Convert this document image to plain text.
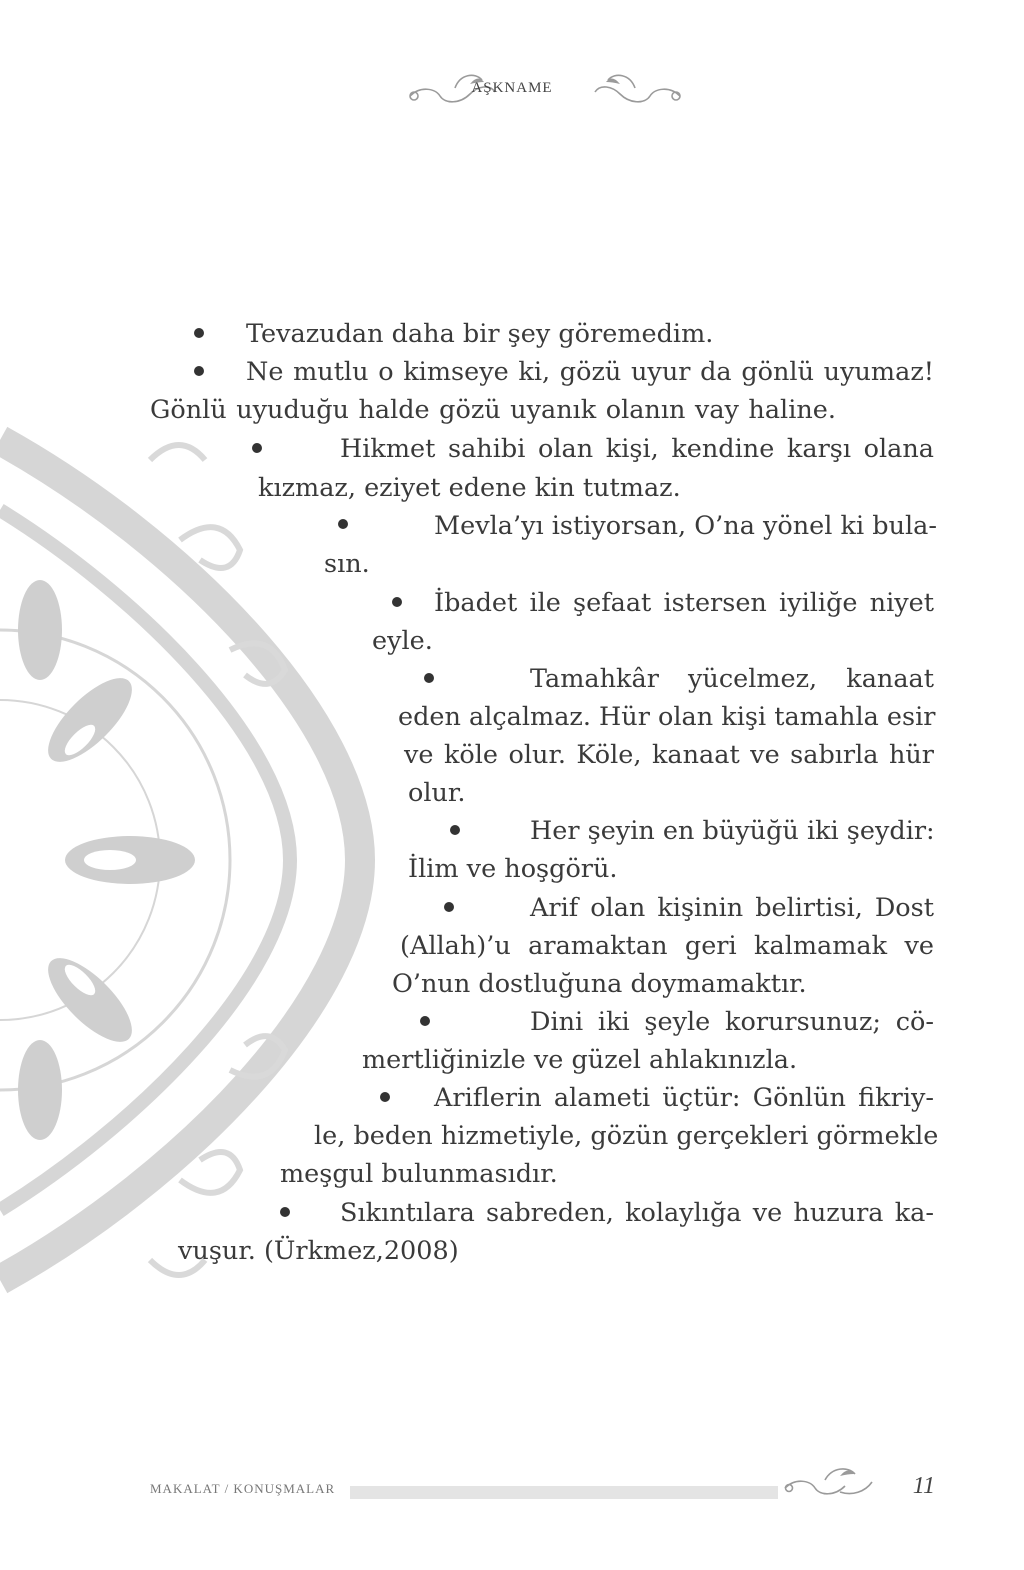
AŞKNAME
Tevazudan daha bir şey göremedim.
Ne mutlu o kimseye ki, gözü uyur da gönlü uyumaz!
Gönlü uyuduğu halde gözü uyanık olanın vay haline.
Hikmet sahibi olan kişi, kendine karşı olana
kızmaz, eziyet edene kin tutmaz.
Mevla’yı istiyorsan, O’na yönel ki bula-
sın.
İbadet ile şefaat istersen iyiliğe niyet
eyle.
Tamahkâr yücelmez, kanaat
eden alçalmaz. Hür olan kişi tamahla esir
ve köle olur. Köle, kanaat ve sabırla hür
olur.
Her şeyin en büyüğü iki şeydir:
İlim ve hoşgörü.
Arif olan kişinin belirtisi, Dost
(Allah)’u aramaktan geri kalmamak ve
O’nun dostluğuna doymamaktır.
Dini iki şeyle korursunuz; cö-
mertliğinizle ve güzel ahlakınızla.
Ariflerin alameti üçtür: Gönlün fikriy-
le, beden hizmetiyle, gözün gerçekleri görmekle
meşgul bulunmasıdır.
Sıkıntılara sabreden, kolaylığa ve huzura ka-
vuşur. (Ürkmez,2008)
MAKALAT / KONUŞMALAR	11
